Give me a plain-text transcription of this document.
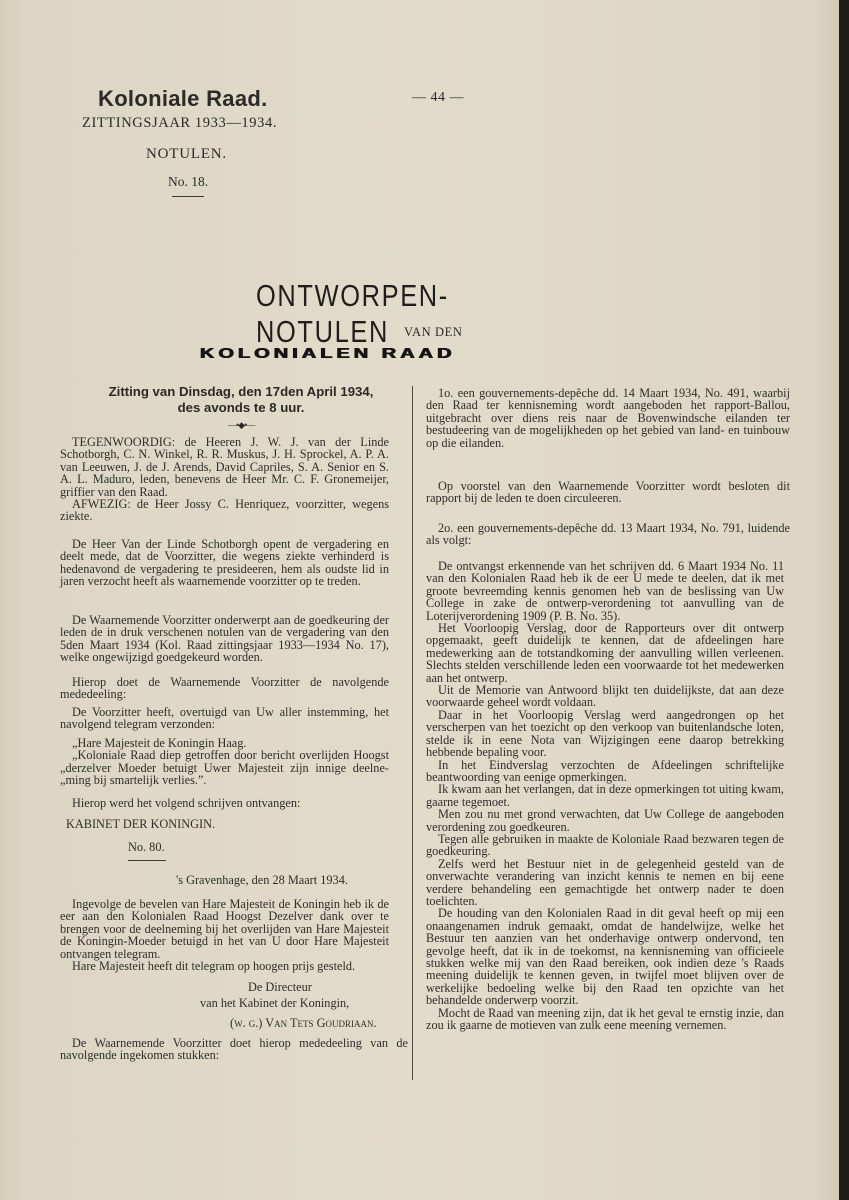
Koloniale Raad.
ZITTINGSJAAR 1933—1934.
— 44 —
NOTULEN.
No. 18.
ONTWORPEN-NOTULEN	VAN DEN
KOLONIALEN RAAD
Zitting van Dinsdag, den 17den April 1934,
des avonds te 8 uur.
—•◆•—

TEGENWOORDIG: de Heeren J. W. J. van der Linde Schotborgh, C. N. Winkel, R. R. Muskus, J. H. Sprockel, A. P. A. van Leeuwen, J. de J. Arends, David Capriles, S. A. Senior en S. A. L. Maduro, leden, benevens de Heer Mr. C. F. Gronemeijer, griffier van den Raad.

AFWEZIG: de Heer Jossy C. Henriquez, voorzitter, wegens ziekte.

De Heer Van der Linde Schotborgh opent de vergadering en deelt mede, dat de Voorzitter, die wegens ziekte verhinderd is hedenavond de vergadering te presideeren, hem als oudste lid in jaren verzocht heeft als waarnemende voorzitter op te treden.

De Waarnemende Voorzitter onderwerpt aan de goedkeuring der leden de in druk verschenen notulen van de vergadering van den 5den Maart 1934 (Kol. Raad zittingsjaar 1933—1934 No. 17), welke ongewijzigd goedgekeurd worden.

Hierop doet de Waarnemende Voorzitter de navolgende mededeeling:

De Voorzitter heeft, overtuigd van Uw aller instemming, het navolgend telegram verzonden:

„Hare Majesteit de Koningin Haag.

„Koloniale Raad diep getroffen door bericht overlijden Hoogst „derzelver Moeder betuigt Uwer Majesteit zijn innige deelne- „ming bij smartelijk verlies.”.

Hierop werd het volgend schrijven ontvangen:

KABINET DER KONINGIN.

No. 80.

's Gravenhage, den 28 Maart 1934.

Ingevolge de bevelen van Hare Majesteit de Koningin heb ik de eer aan den Kolonialen Raad Hoogst Dezelver dank over te brengen voor de deelneming bij het overlijden van Hare Majesteit de Koningin-Moeder betuigd in het van U door Hare Majesteit ontvangen telegram.

Hare Majesteit heeft dit telegram op hoogen prijs gesteld.

De Directeur
van het Kabinet der Koningin,
(w. g.) Van Tets Goudriaan.

De Waarnemende Voorzitter doet hierop mededeeling van de navolgende ingekomen stukken:

1o. een gouvernements-depêche dd. 14 Maart 1934, No. 491, waarbij den Raad ter kennisneming wordt aangeboden het rapport-Ballou, uitgebracht over diens reis naar de Bovenwindsche eilanden ter bestudeering van de mogelijkheden op het gebied van land- en tuinbouw op die eilanden.

Op voorstel van den Waarnemende Voorzitter wordt besloten dit rapport bij de leden te doen circuleeren.

2o. een gouvernements-depêche dd. 13 Maart 1934, No. 791, luidende als volgt:

De ontvangst erkennende van het schrijven dd. 6 Maart 1934 No. 11 van den Kolonialen Raad heb ik de eer U mede te deelen, dat ik met groote bevreemding kennis genomen heb van de beslissing van Uw College in zake de ontwerp-verordening tot aanvulling van de Loterijverordening 1909 (P. B. No. 35).

Het Voorloopig Verslag, door de Rapporteurs over dit ontwerp opgemaakt, geeft duidelijk te kennen, dat de afdeelingen hare medewerking aan de totstandkoming der aanvulling willen verleenen. Slechts stelden verschillende leden een voorwaarde tot het medewerken aan het ontwerp.

Uit de Memorie van Antwoord blijkt ten duidelijkste, dat aan deze voorwaarde geheel wordt voldaan.

Daar in het Voorloopig Verslag werd aangedrongen op het verscherpen van het toezicht op den verkoop van buitenlandsche loten, stelde ik in eene Nota van Wijzigingen eene daarop betrekking hebbende bepaling voor.

In het Eindverslag verzochten de Afdeelingen schriftelijke beantwoording van eenige opmerkingen.

Ik kwam aan het verlangen, dat in deze opmerkingen tot uiting kwam, gaarne tegemoet.

Men zou nu met grond verwachten, dat Uw College de aangeboden verordening zou goedkeuren.

Tegen alle gebruiken in maakte de Koloniale Raad bezwaren tegen de goedkeuring.

Zelfs werd het Bestuur niet in de gelegenheid gesteld van de onverwachte verandering van inzicht kennis te nemen en bij eene verdere behandeling een gemachtigde het ontwerp nader te doen toelichten.

De houding van den Kolonialen Raad in dit geval heeft op mij een onaangenamen indruk gemaakt, omdat de handelwijze, welke het Bestuur ten aanzien van het onderhavige ontwerp ondervond, ten gevolge heeft, dat ik in de toekomst, na kennisneming van officieele stukken welke mij van den Raad bereiken, ook indien deze 's Raads meening duidelijk te kennen geven, in twijfel moet blijven over de werkelijke bedoeling welke bij den Raad ten opzichte van het behandelde onderwerp voorzit.

Mocht de Raad van meening zijn, dat ik het geval te ernstig inzie, dan zou ik gaarne de motieven van zulk eene meening vernemen.
